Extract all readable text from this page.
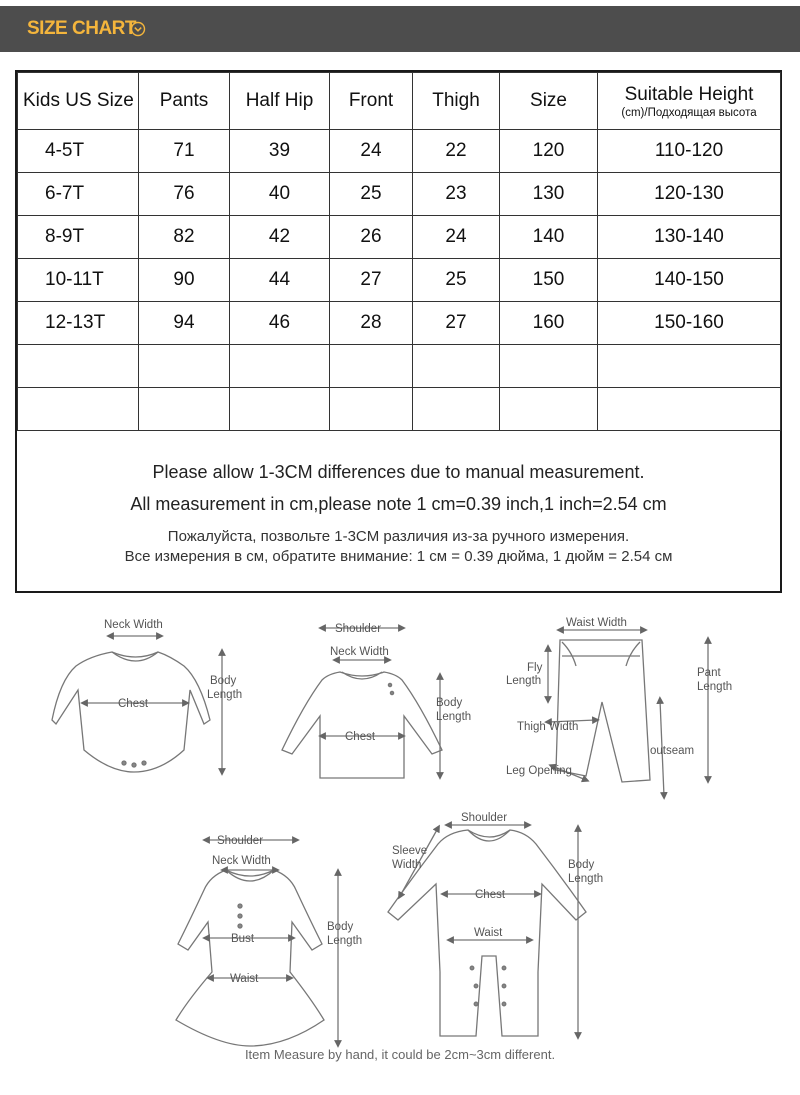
SIZE CHART
Kids US Size	Pants	Half Hip	Front	Thigh	Size	Suitable Height
(cm)/Подходящая высота

4-5T	71	39	24	22	120	110-120
6-7T	76	40	25	23	130	120-130
8-9T	82	42	26	24	140	130-140
10-11T	90	44	27	25	150	140-150
12-13T	94	46	28	27	160	150-160

Please allow 1-3CM differences due to manual measurement.
All measurement in cm,please note 1 cm=0.39 inch,1 inch=2.54 cm
Пожалуйста, позвольте 1-3CM различия из-за ручного измерения.
Все измерения в см, обратите внимание: 1 см = 0.39 дюйма, 1 дюйм = 2.54 см
Neck Width
Chest
Body
Length
Shoulder
Neck Width
Chest
Body
Length
Waist Width
Fly
Length
Pant
Length
Thigh Width
outseam
Leg Opening
Shoulder
Neck Width
Bust
Waist
Body
Length
Shoulder
Sleeve
Width
Chest
Waist
Body
Length
Item Measure by hand, it could be 2cm~3cm different.
